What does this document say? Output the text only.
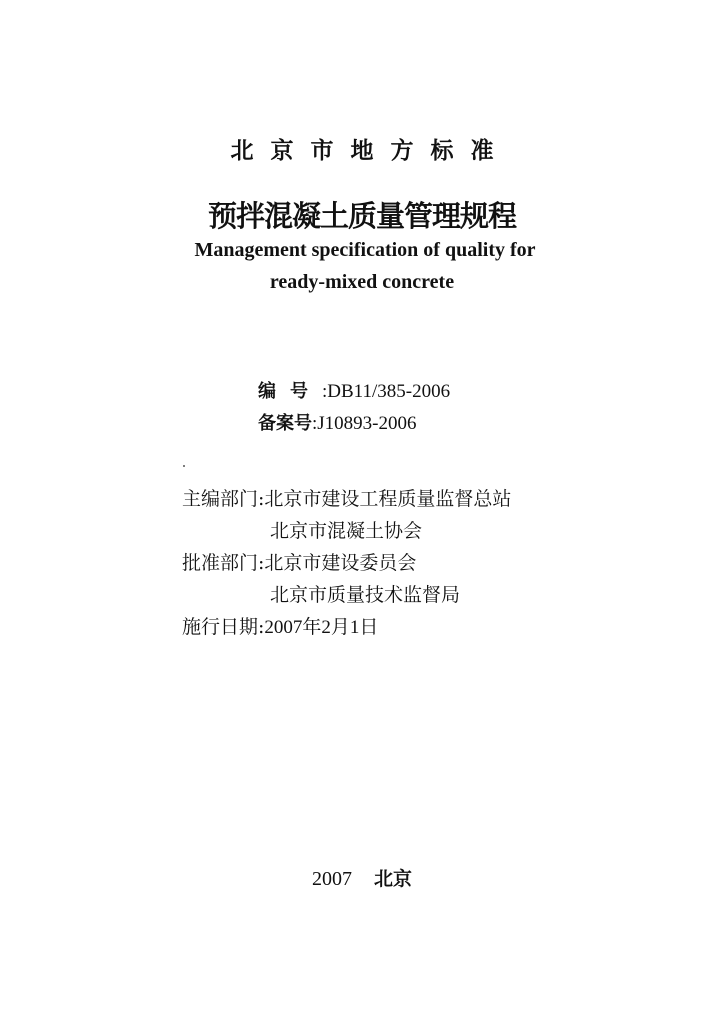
北京市地方标准
预拌混凝土质量管理规程
Management specification of quality for
ready-mixed concrete
编号:DB11/385-2006
备案号:J10893-2006
主编部门:北京市建设工程质量监督总站
北京市混凝土协会
批准部门:北京市建设委员会
北京市质量技术监督局
施行日期:2007年2月1日
2007 北京
